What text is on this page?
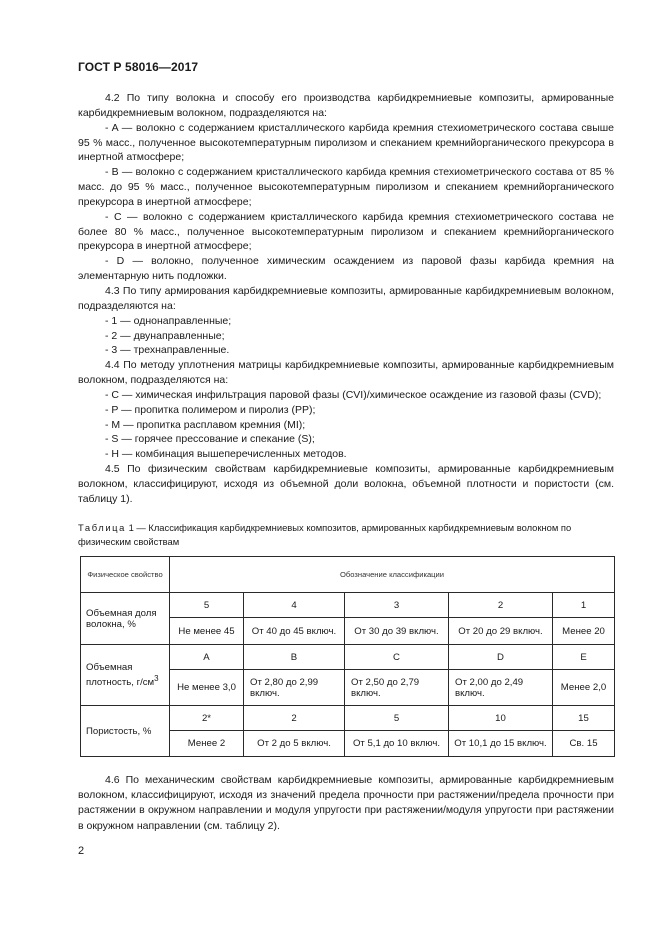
ГОСТ Р 58016—2017

4.2 По типу волокна и способу его производства карбидкремниевые композиты, армированные карбидкремниевым волокном, подразделяются на:

- A — волокно с содержанием кристаллического карбида кремния стехиометрического состава свыше 95 % масс., полученное высокотемпературным пиролизом и спеканием кремнийорганического прекурсора в инертной атмосфере;

- B — волокно с содержанием кристаллического карбида кремния стехиометрического состава от 85 % масс. до 95 % масс., полученное высокотемпературным пиролизом и спеканием кремнийорганического прекурсора в инертной атмосфере;

- C — волокно с содержанием кристаллического карбида кремния стехиометрического состава не более 80 % масс., полученное высокотемпературным пиролизом и спеканием кремнийорганического прекурсора в инертной атмосфере;

- D — волокно, полученное химическим осаждением из паровой фазы карбида кремния на элементарную нить подложки.

4.3 По типу армирования карбидкремниевые композиты, армированные карбидкремниевым волокном, подразделяются на:

- 1 — однонаправленные;

- 2 — двунаправленные;

- 3 — трехнаправленные.

4.4 По методу уплотнения матрицы карбидкремниевые композиты, армированные карбидкремниевым волокном, подразделяются на:

- C — химическая инфильтрация паровой фазы (CVI)/химическое осаждение из газовой фазы (CVD);

- P — пропитка полимером и пиролиз (PP);

- M — пропитка расплавом кремния (MI);

- S — горячее прессование и спекание (S);

- H — комбинация вышеперечисленных методов.

4.5 По физическим свойствам карбидкремниевые композиты, армированные карбидкремниевым волокном, классифицируют, исходя из объемной доли волокна, объемной плотности и пористости (см. таблицу 1).

Таблица 1 — Классификация карбидкремниевых композитов, армированных карбидкремниевым волокном по физическим свойствам
Физическое свойство	Обозначение классификации				
Объемная доля волокна, %	5	4	3	2	1
	Не менее 45	От 40 до 45 включ.	От 30 до 39 включ.	От 20 до 29 включ.	Менее 20
Объемная плотность, $г/см^3$	A	B	C	D	E
	Не менее 3,0	От 2,80 до 2,99 включ.	От 2,50 до 2,79 включ.	От 2,00 до 2,49 включ.	Менее 2,0
Пористость, %	2*	2	5	10	15
	Менее 2	От 2 до 5 включ.	От 5,1 до 10 включ.	От 10,1 до 15 включ.	Св. 15

4.6 По механическим свойствам карбидкремниевые композиты, армированные карбидкремниевым волокном, классифицируют, исходя из значений предела прочности при растяжении/предела прочности при растяжении в окружном направлении и модуля упругости при растяжении/модуля упругости при растяжении в окружном направлении (см. таблицу 2).

2
